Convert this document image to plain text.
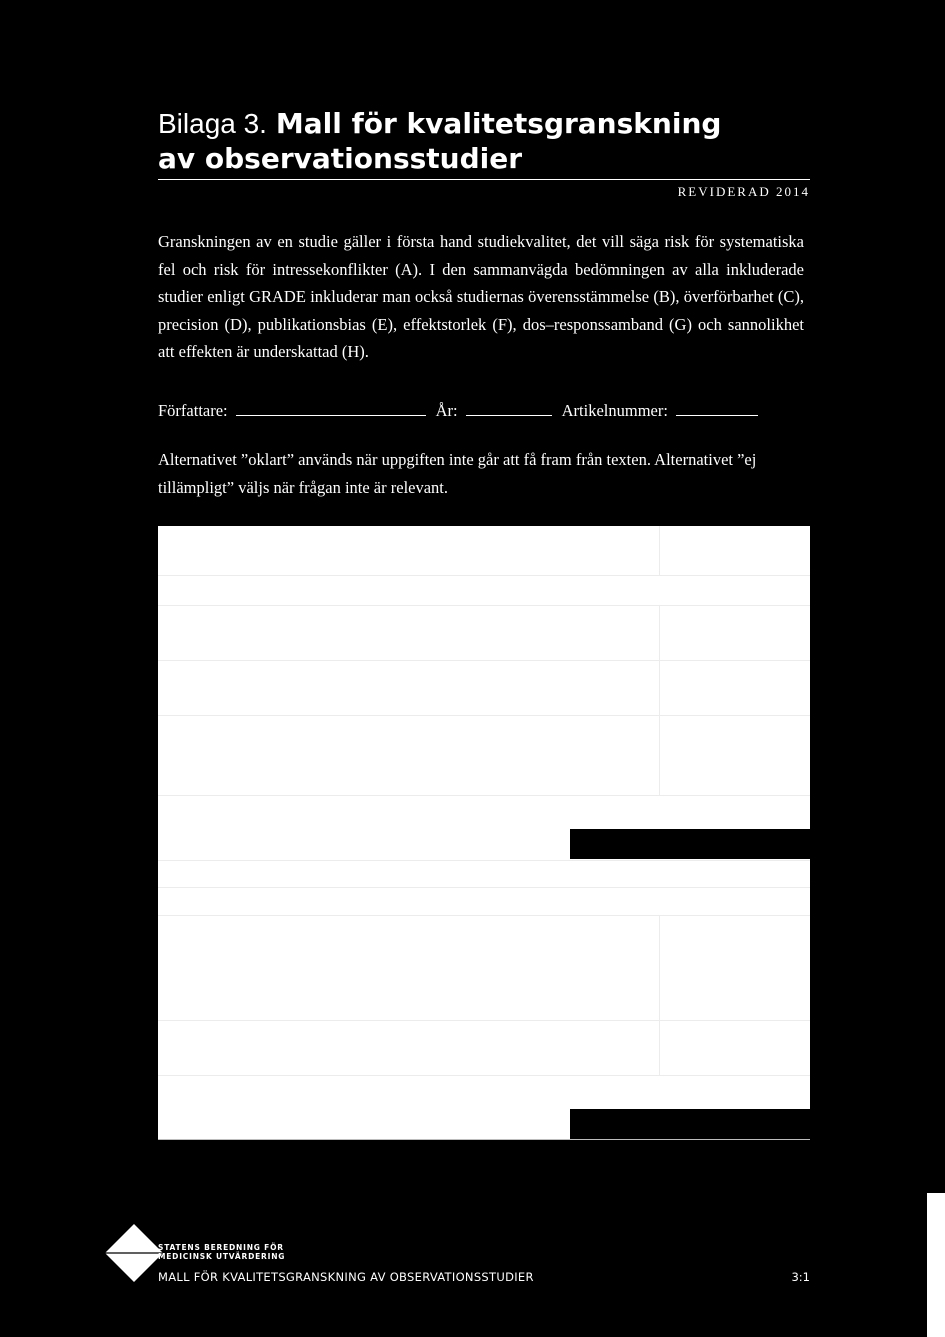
Bilaga 3. Mall för kvalitetsgranskning
av observationsstudier
REVIDERAD 2014

Granskningen av en studie gäller i första hand studiekvalitet, det vill säga risk för systematiska fel och risk för intressekonflikter (A). I den sammanvägda bedömningen av alla inkluderade studier enligt GRADE inkluderar man också studiernas överensstämmelse (B), överförbarhet (C), precision (D), publikationsbias (E), effektstorlek (F), dos–responssamband (G) och sannolikhet att effekten är underskattad (H).

Författare:	År:	Artikelnummer:

Alternativet ”oklart” används när uppgiften inte går att få fram från texten. Alternativet ”ej tillämpligt” väljs när frågan inte är relevant.

STATENS BEREDNING FÖR
MEDICINSK UTVÄRDERING
MALL FÖR KVALITETSGRANSKNING AV OBSERVATIONSSTUDIER	3:1
